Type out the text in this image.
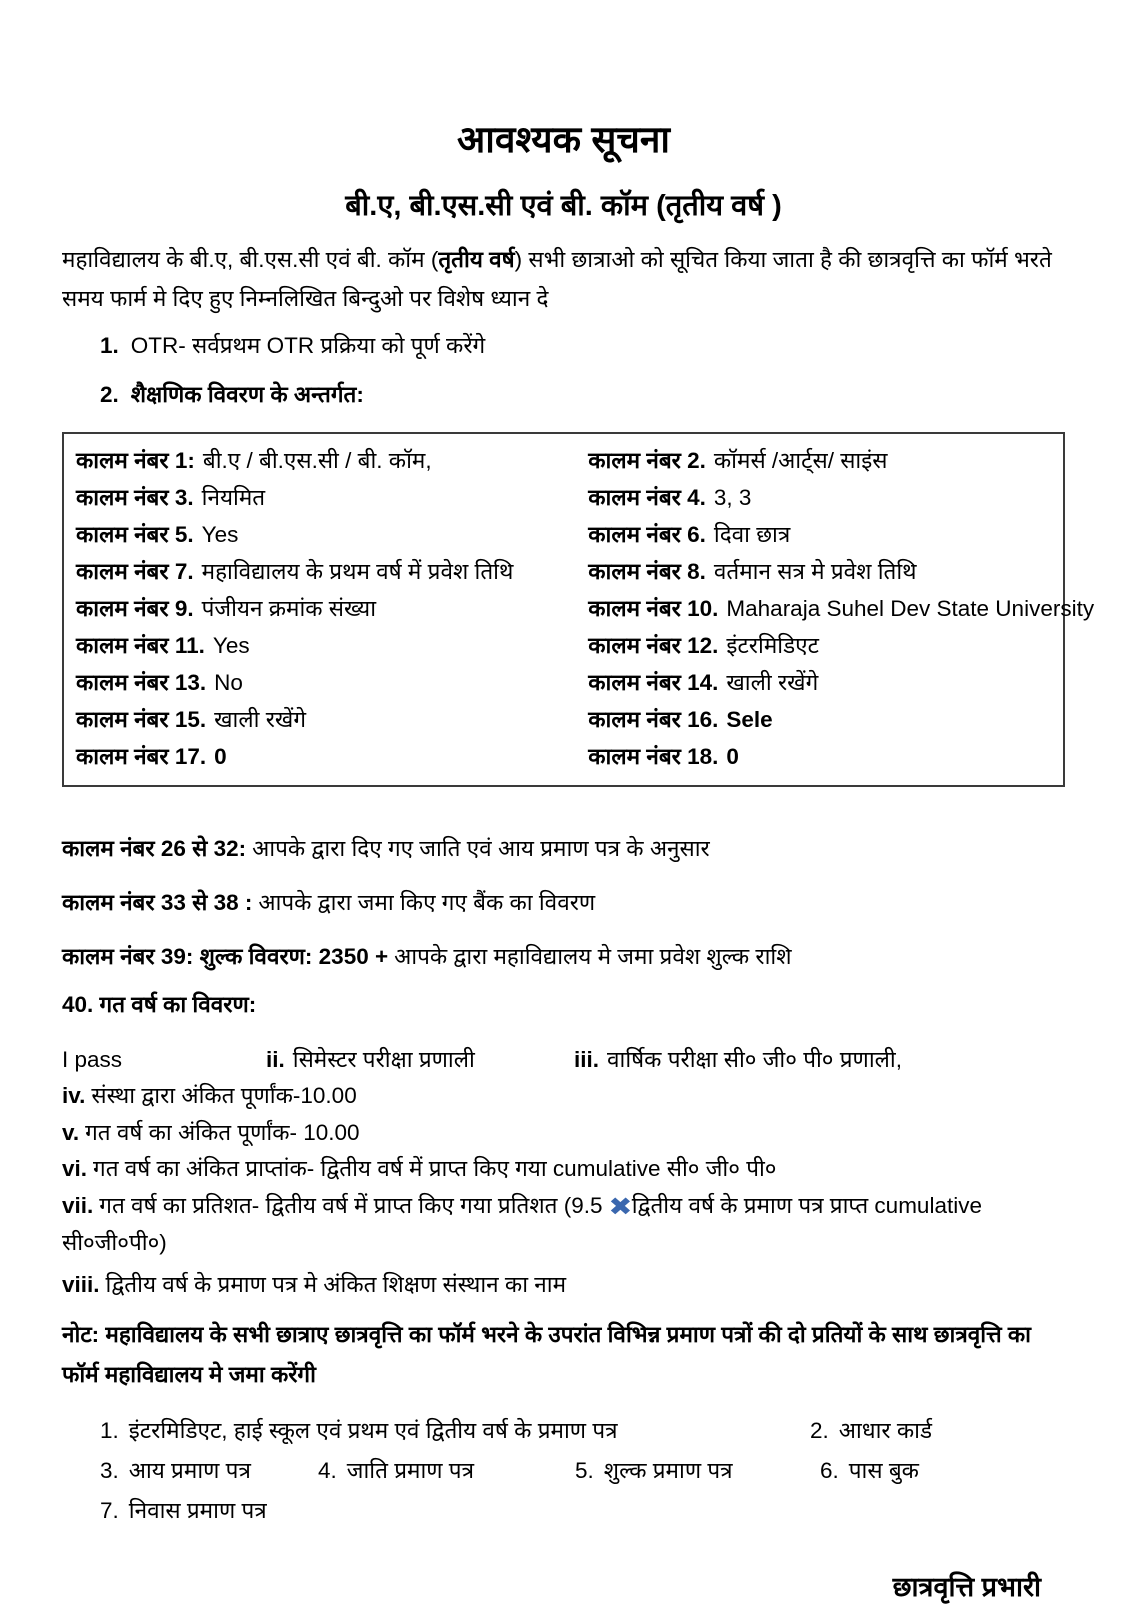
आवश्यक सूचना
बी.ए, बी.एस.सी एवं बी. कॉम (तृतीय वर्ष )

महाविद्यालय के बी.ए, बी.एस.सी एवं बी. कॉम (तृतीय वर्ष) सभी छात्राओ को सूचित किया जाता है की छात्रवृत्ति का फॉर्म भरते समय फार्म मे दिए हुए निम्नलिखित बिन्दुओ पर विशेष ध्यान दे

1. OTR- सर्वप्रथम OTR प्रक्रिया को पूर्ण करेंगे
2. शैक्षणिक विवरण के अन्तर्गत:
कालम नंबर 1: बी.ए / बी.एस.सी / बी. कॉम,	कालम नंबर 2. कॉमर्स /आर्ट्स/ साइंस
कालम नंबर 3. नियमित	कालम नंबर 4. 3, 3
कालम नंबर 5. Yes	कालम नंबर 6. दिवा छात्र
कालम नंबर 7. महाविद्यालय के प्रथम वर्ष में प्रवेश तिथि	कालम नंबर 8. वर्तमान सत्र मे प्रवेश तिथि
कालम नंबर 9. पंजीयन क्रमांक संख्या	कालम नंबर 10. Maharaja Suhel Dev State University
कालम नंबर 11. Yes	कालम नंबर 12. इंटरमिडिएट
कालम नंबर 13. No	कालम नंबर 14. खाली रखेंगे
कालम नंबर 15. खाली रखेंगे	कालम नंबर 16. Sele
कालम नंबर 17. 0	कालम नंबर 18. 0

कालम नंबर 26 से 32: आपके द्वारा दिए गए जाति एवं आय प्रमाण पत्र के अनुसार

कालम नंबर 33 से 38 : आपके द्वारा जमा किए गए बैंक का विवरण

कालम नंबर 39: शुल्क विवरण: 2350 + आपके द्वारा महाविद्यालय मे जमा प्रवेश शुल्क राशि

40. गत वर्ष का विवरण:

I pass	ii. सिमेस्टर परीक्षा प्रणाली	iii. वार्षिक परीक्षा सी० जी० पी० प्रणाली,

iv. संस्था द्वारा अंकित पूर्णांक-10.00

v. गत वर्ष का अंकित पूर्णांक- 10.00

vi. गत वर्ष का अंकित प्राप्तांक- द्वितीय वर्ष में प्राप्त किए गया cumulative सी० जी० पी०

vii. गत वर्ष का प्रतिशत- द्वितीय वर्ष में प्राप्त किए गया प्रतिशत (9.5 ✖द्वितीय वर्ष के प्रमाण पत्र प्राप्त cumulative सी०जी०पी०)

viii. द्वितीय वर्ष के प्रमाण पत्र मे अंकित शिक्षण संस्थान का नाम

नोट: महाविद्यालय के सभी छात्राए छात्रवृत्ति का फॉर्म भरने के उपरांत विभिन्न प्रमाण पत्रों की दो प्रतियों के साथ छात्रवृत्ति का फॉर्म महाविद्यालय मे जमा करेंगी

1. इंटरमिडिएट, हाई स्कूल एवं प्रथम एवं द्वितीय वर्ष के प्रमाण पत्र	2. आधार कार्ड
3. आय प्रमाण पत्र	4. जाति प्रमाण पत्र	5. शुल्क प्रमाण पत्र	6. पास बुक
7. निवास प्रमाण पत्र
छात्रवृत्ति प्रभारी
